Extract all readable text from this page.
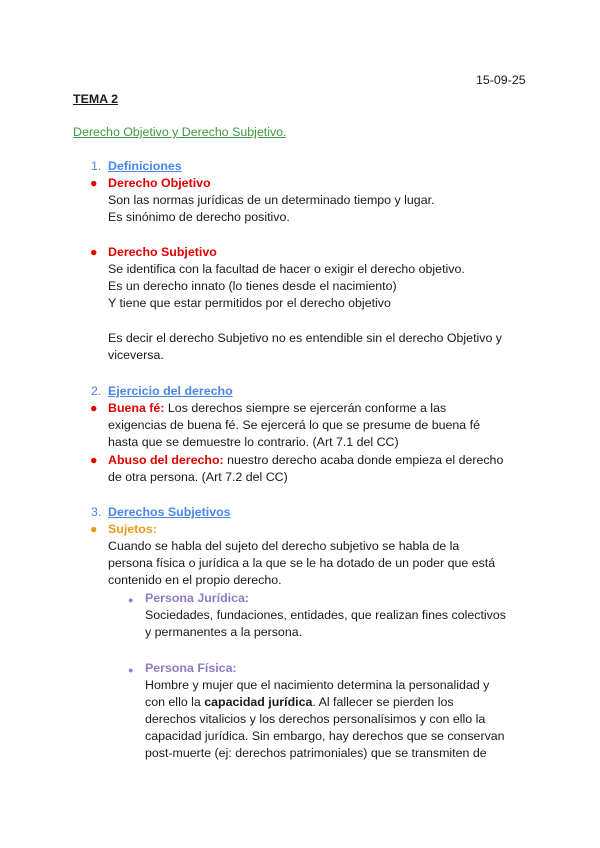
15-09-25
TEMA 2
Derecho Objetivo y Derecho Subjetivo.
1. Definiciones
● Derecho Objetivo
Son las normas jurídicas de un determinado tiempo y lugar.
Es sinónimo de derecho positivo.
● Derecho Subjetivo
Se identifica con la facultad de hacer o exigir el derecho objetivo.
Es un derecho innato (lo tienes desde el nacimiento)
Y tiene que estar permitidos por el derecho objetivo
Es decir el derecho Subjetivo no es entendible sin el derecho Objetivo y
viceversa.
2. Ejercicio del derecho
● Buena fé: Los derechos siempre se ejercerán conforme a las
exigencias de buena fé. Se ejercerá lo que se presume de buena fé
hasta que se demuestre lo contrario. (Art 7.1 del CC)
● Abuso del derecho: nuestro derecho acaba donde empieza el derecho
de otra persona. (Art 7.2 del CC)
3. Derechos Subjetivos
● Sujetos:
Cuando se habla del sujeto del derecho subjetivo se habla de la
persona física o jurídica a la que se le ha dotado de un poder que está
contenido en el propio derecho.
● Persona Jurídica:
Sociedades, fundaciones, entidades, que realizan fines colectivos
y permanentes a la persona.
● Persona Física:
Hombre y mujer que el nacimiento determina la personalidad y
con ello la capacidad jurídica. Al fallecer se pierden los
derechos vitalicios y los derechos personalísimos y con ello la
capacidad jurídica. Sin embargo, hay derechos que se conservan
post-muerte (ej: derechos patrimoniales) que se transmiten de
